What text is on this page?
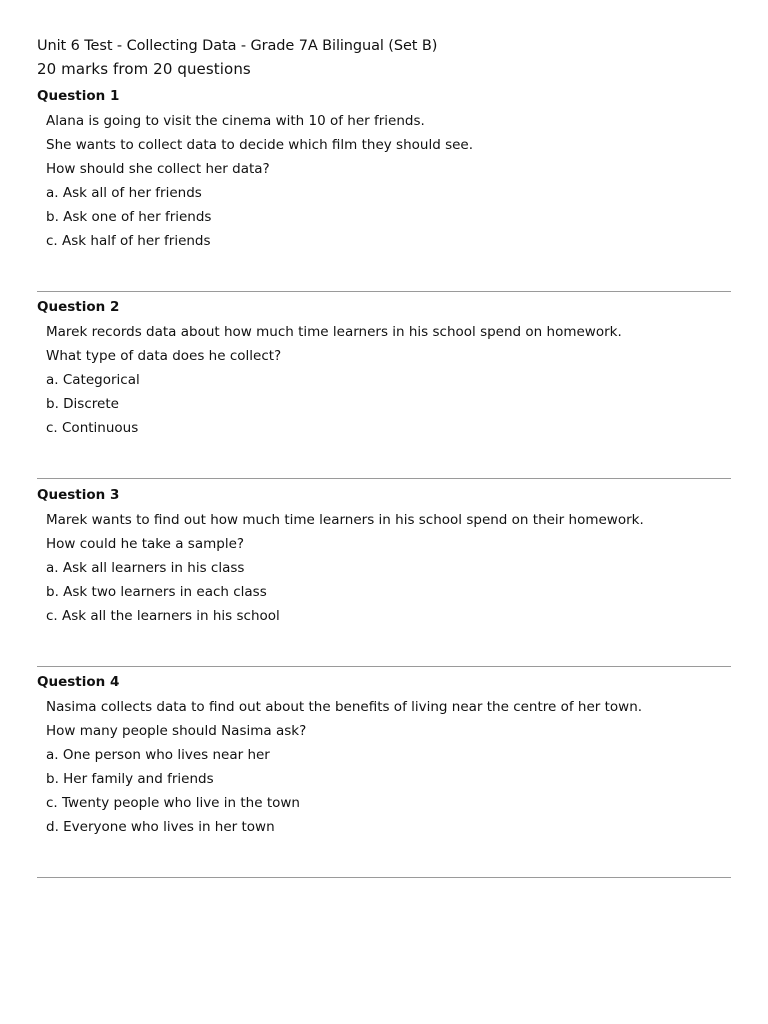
Unit 6 Test - Collecting Data - Grade 7A Bilingual (Set B)
20 marks from 20 questions
Question 1
Alana is going to visit the cinema with 10 of her friends.
She wants to collect data to decide which film they should see.
How should she collect her data?
a. Ask all of her friends
b. Ask one of her friends
c. Ask half of her friends
Question 2
Marek records data about how much time learners in his school spend on homework.
What type of data does he collect?
a. Categorical
b. Discrete
c. Continuous
Question 3
Marek wants to find out how much time learners in his school spend on their homework.
How could he take a sample?
a. Ask all learners in his class
b. Ask two learners in each class
c. Ask all the learners in his school
Question 4
Nasima collects data to find out about the benefits of living near the centre of her town.
How many people should Nasima ask?
a. One person who lives near her
b. Her family and friends
c. Twenty people who live in the town
d. Everyone who lives in her town
